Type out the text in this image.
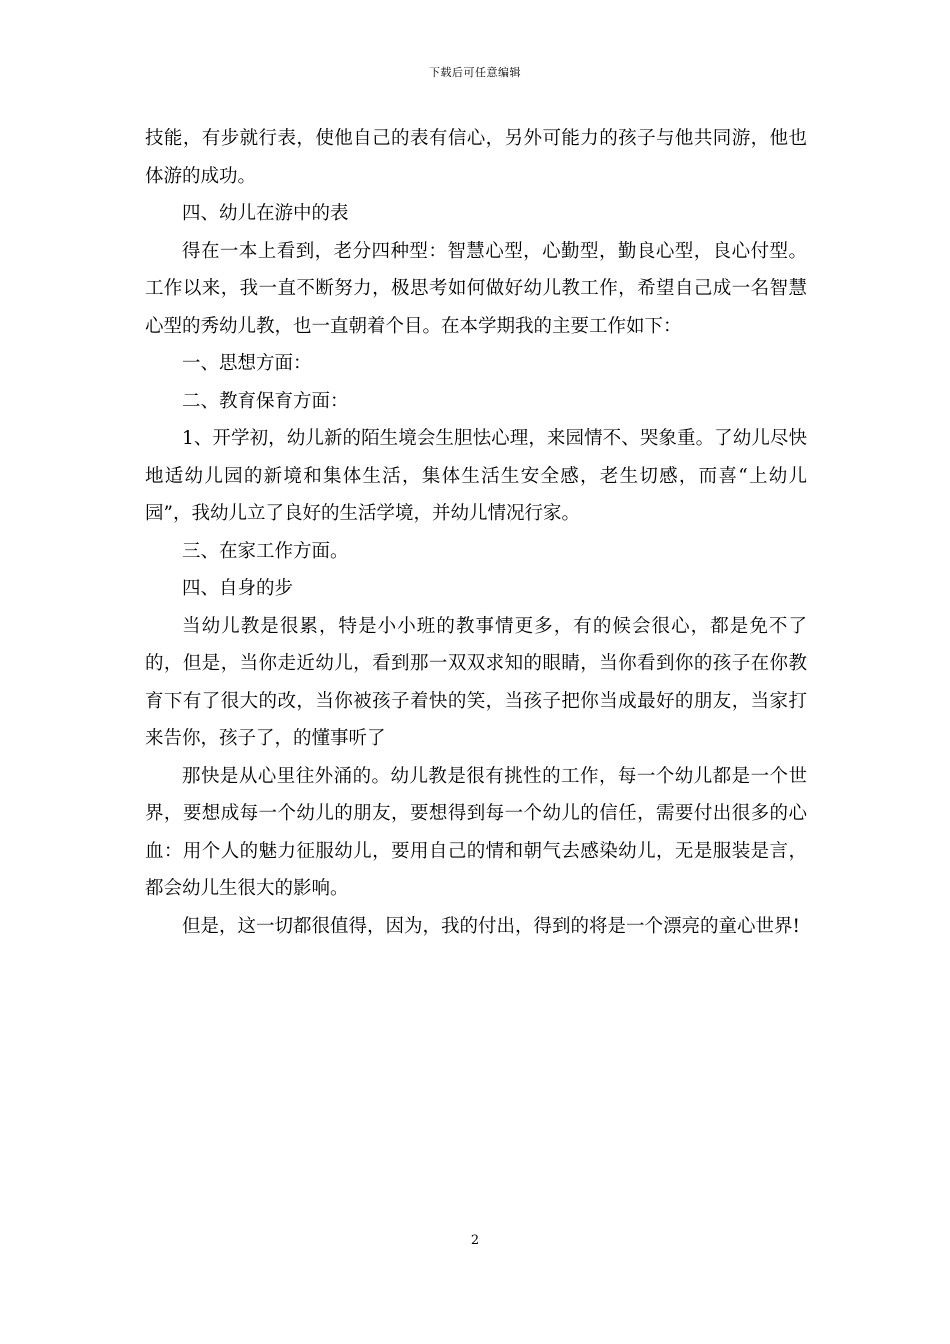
下载后可任意编辑

技能，有步就行表，使他自己的表有信心，另外可能力的孩子与他共同游，他也体游的成功。

四、幼儿在游中的表

得在一本上看到，老分四种型：智慧心型，心勤型，勤良心型，良心付型。工作以来，我一直不断努力，极思考如何做好幼儿教工作，希望自己成一名智慧心型的秀幼儿教，也一直朝着个目。在本学期我的主要工作如下：

一、思想方面：

二、教育保育方面：

1、开学初，幼儿新的陌生境会生胆怯心理，来园情不、哭象重。了幼儿尽快地适幼儿园的新境和集体生活，集体生活生安全感，老生切感，而喜“上幼儿园”，我幼儿立了良好的生活学境，并幼儿情况行家。

三、在家工作方面。

四、自身的步

当幼儿教是很累，特是小小班的教事情更多，有的候会很心，都是免不了的，但是，当你走近幼儿，看到那一双双求知的眼睛，当你看到你的孩子在你教育下有了很大的改，当你被孩子着快的笑，当孩子把你当成最好的朋友，当家打来告你，孩子了，的懂事听了

那快是从心里往外涌的。幼儿教是很有挑性的工作，每一个幼儿都是一个世界，要想成每一个幼儿的朋友，要想得到每一个幼儿的信任，需要付出很多的心血：用个人的魅力征服幼儿，要用自己的情和朝气去感染幼儿，无是服装是言，都会幼儿生很大的影响。

但是，这一切都很值得，因为，我的付出，得到的将是一个漂亮的童心世界!

2
